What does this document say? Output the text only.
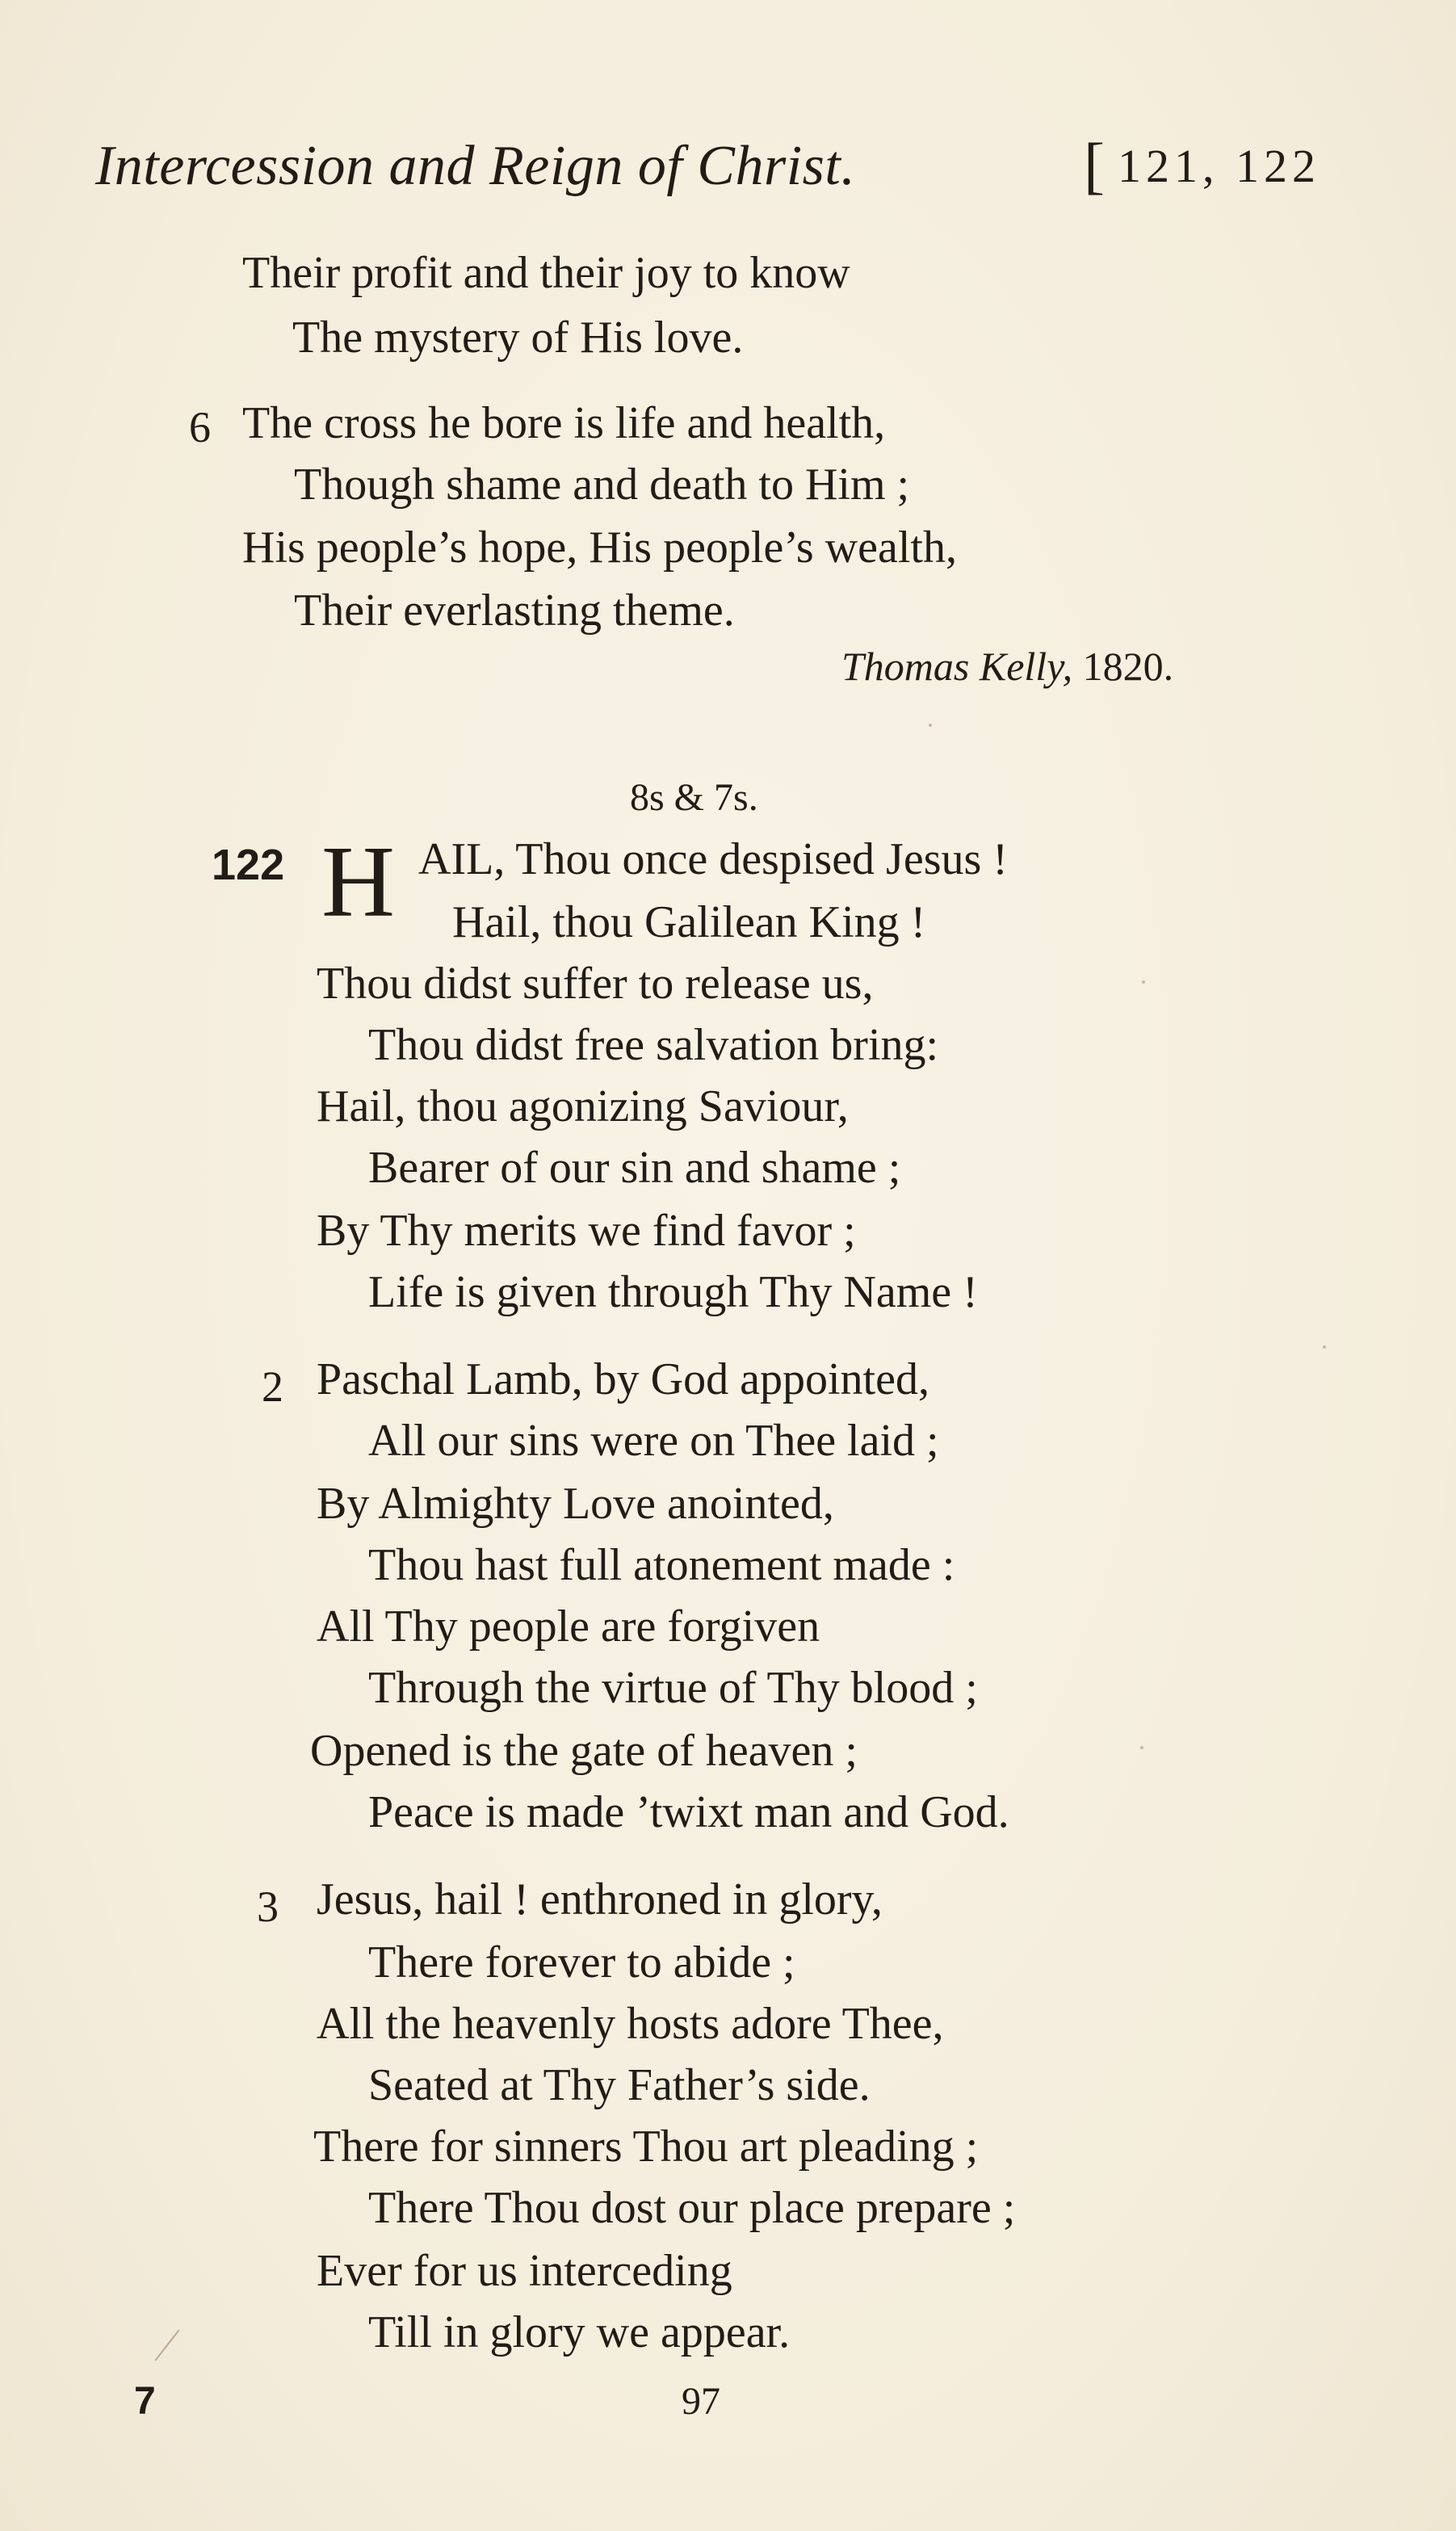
Intercession and Reign of Christ.	[ 121, 122
Their profit and their joy to know
The mystery of His love.
6 The cross he bore is life and health,
Though shame and death to Him ;
His people’s hope, His people’s wealth,
Their everlasting theme.
Thomas Kelly, 1820.
8s & 7s.
122 H AIL, Thou once despised Jesus !
Hail, thou Galilean King !
Thou didst suffer to release us,
Thou didst free salvation bring:
Hail, thou agonizing Saviour,
Bearer of our sin and shame ;
By Thy merits we find favor ;
Life is given through Thy Name !
2 Paschal Lamb, by God appointed,
All our sins were on Thee laid ;
By Almighty Love anointed,
Thou hast full atonement made :
All Thy people are forgiven
Through the virtue of Thy blood ;
Opened is the gate of heaven ;
Peace is made ’twixt man and God.
3 Jesus, hail ! enthroned in glory,
There forever to abide ;
All the heavenly hosts adore Thee,
Seated at Thy Father’s side.
There for sinners Thou art pleading ;
There Thou dost our place prepare ;
Ever for us interceding
Till in glory we appear.
7	97
